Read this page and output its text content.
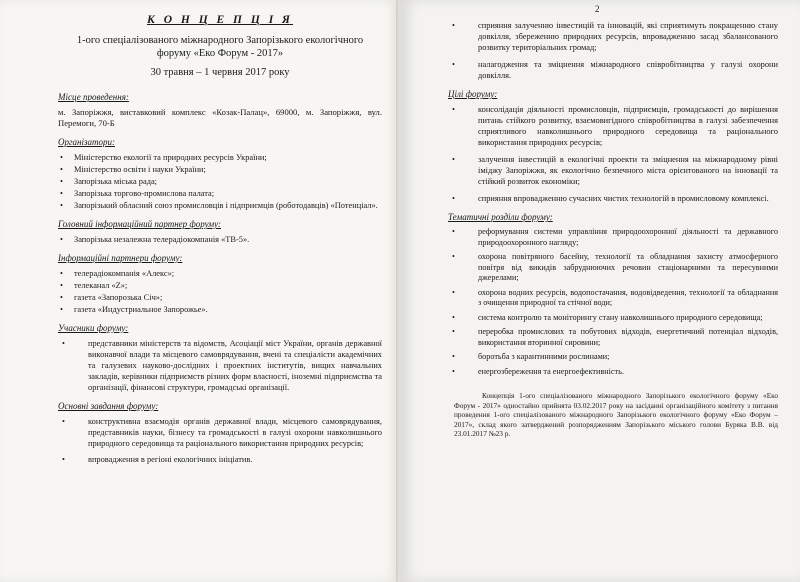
К О Н Ц Е П Ц І Я

1-ого спеціалізованого міжнародного Запорізького екологічного

форуму «Еко Форум - 2017»

30 травня – 1 червня 2017 року

Місце проведення:

м. Запоріжжя, виставковий комплекс «Козак-Палац», 69000, м. Запоріжжя, вул. Перемоги, 70-Б

Організатори:
• Міністерство екології та природних ресурсів України;
• Міністерство освіти і науки України;
• Запорізька міська рада;
• Запорізька торгово-промислова палата;
• Запорізький обласний союз промисловців і підприємців (роботодавців) «Потенціал».
Головний інформаційний партнер форуму:
• Запорізька незалежна телерадіокомпанія «ТВ-5».
Інформаційні партнери форуму:
• телерадіокомпанія «Алекс»;
• телеканал «Z»;
• газета «Запорозька Січ»;
• газета «Индустриальное Запорожье».
Учасники форуму:
• представники міністерств та відомств, Асоціації міст України, органів державної виконавчої влади та місцевого самоврядування, вчені та спеціалісти академічних та галузевих науково-дослідних і проектних інститутів, вищих навчальних закладів, керівники підприємств різних форм власності, іноземні підприємства та організації, фінансові структури, громадські організації.
Основні завдання форуму:
• конструктивна взаємодія органів державної влади, місцевого самоврядування, представників науки, бізнесу та громадськості в галузі охорони навколишнього природного середовища та раціонального використання природних ресурсів;
• впровадження в регіоні екологічних ініціатив.
2
• сприяння залученню інвестицій та інновацій, які сприятимуть покращенню стану довкілля, збереженню природних ресурсів, впровадженню засад збалансованого розвитку територіальних громад;
• налагодження та зміцнення міжнародного співробітництва у галузі охорони довкілля.
Цілі форуму:
• консолідація діяльності промисловців, підприємців, громадськості до вирішення питань стійкого розвитку, взаємовигідного співробітництва в галузі забезпечення сприятливого навколишнього природного середовища та раціонального використання природних ресурсів;
• залучення інвестицій в екологічні проекти та зміцнення на міжнародному рівні іміджу Запоріжжя, як екологічно безпечного міста орієнтованого на інновації та стійкий розвиток економіки;
• сприяння впровадженню сучасних чистих технологій в промисловому комплексі.
Тематичні розділи форуму:
• реформування системи управління природоохоронної діяльності та державного природоохоронного нагляду;
• охорона повітряного басейну, технології та обладнання захисту атмосферного повітря від викидів забруднюючих речовин стаціонарними та пересувними джерелами;
• охорона водних ресурсів, водопостачання, водовідведення, технології та обладнання з очищення природної та стічної води;
• система контролю та моніторингу стану навколишнього природного середовища;
• переробка промислових та побутових відходів, енергетичний потенціал відходів, використання вторинної сировини;
• боротьба з карантинними рослинами;
• енергозбереження та енергоефективність.

Концепція 1-ого спеціалізованого міжнародного Запорізького екологічного форуму «Еко Форум - 2017» одностайно прийнята 03.02.2017 року на засіданні організаційного комітету з питання проведення 1-ого спеціалізованого міжнародного Запорізького екологічного форуму «Еко Форум – 2017», склад якого затверджений розпорядженням Запорізького міського голови Буряка В.В. від 23.01.2017 №23 р.
